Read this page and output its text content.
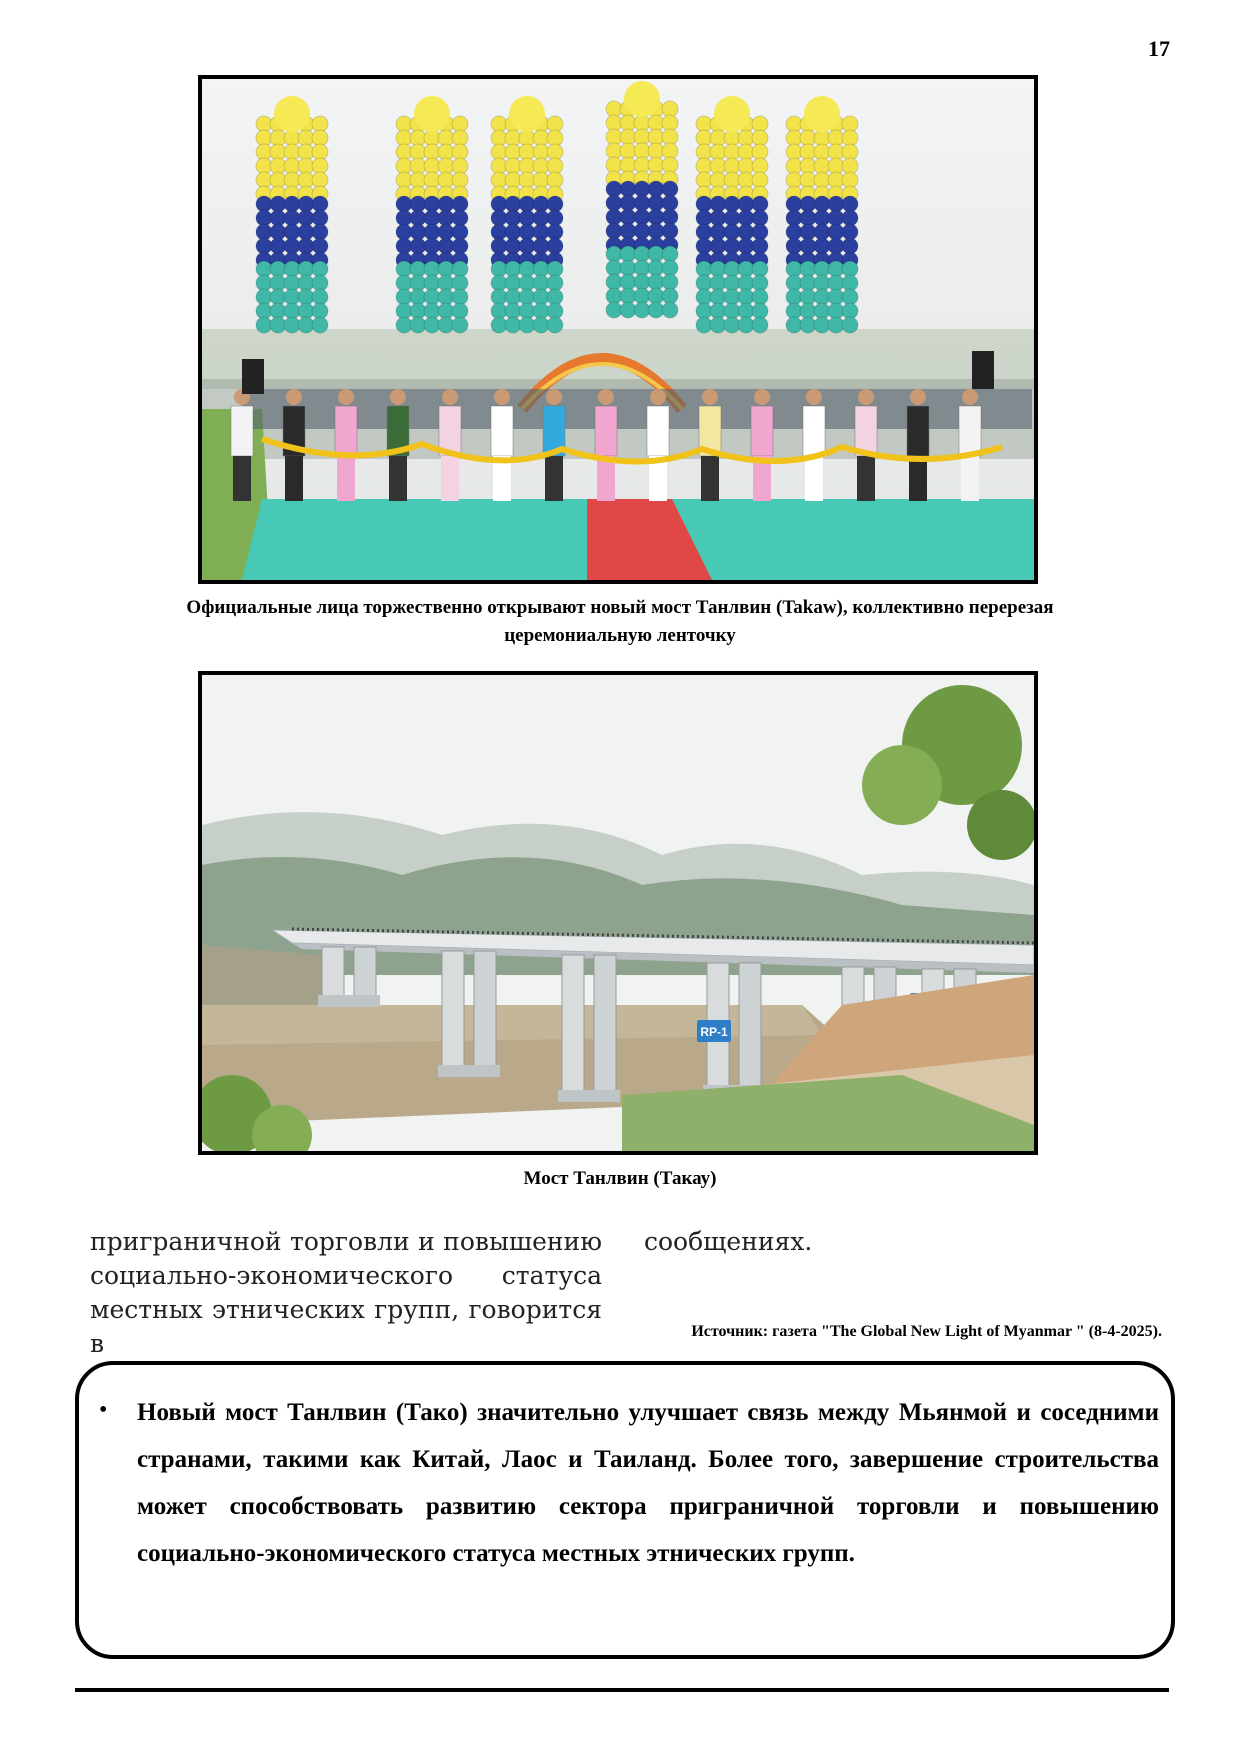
17
Официальные лица торжественно открывают новый мост Танлвин (Takaw), коллективно перерезая церемониальную ленточку
RP-1
Мост Танлвин (Такау)
приграничной торговли и повышению социально-экономического статуса местных этнических групп, говорится в
сообщениях.
Источник: газета "The Global New Light of Myanmar " (8-4-2025).
• Новый мост Танлвин (Тако) значительно улучшает связь между Мьянмой и соседними странами, такими как Китай, Лаос и Таиланд. Более того, завершение строительства может способствовать развитию сектора приграничной торговли и повышению социально-экономического статуса местных этнических групп.
